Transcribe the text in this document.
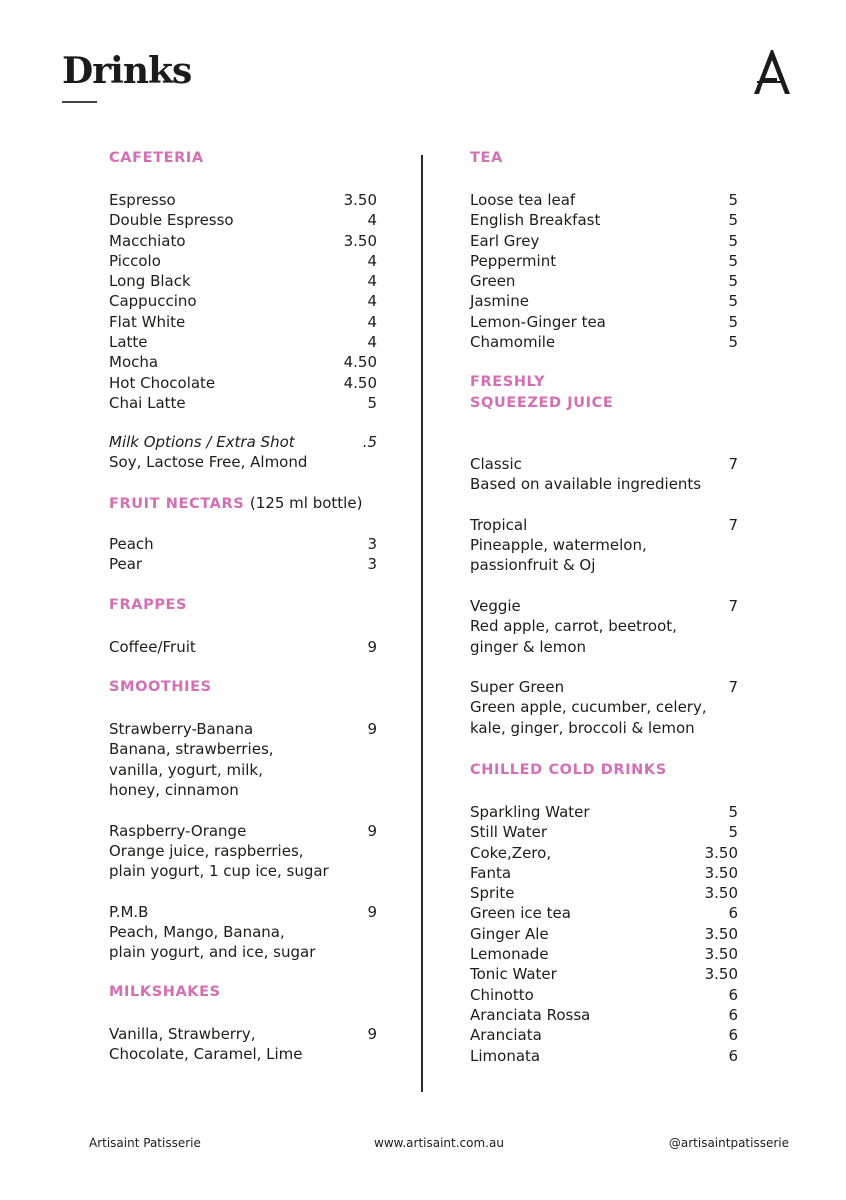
Drinks
CAFETERIA
Espresso	3.50
Double Espresso	4
Macchiato	3.50
Piccolo	4
Long Black	4
Cappuccino	4
Flat White	4
Latte	4
Mocha	4.50
Hot Chocolate	4.50
Chai Latte	5
Milk Options / Extra Shot	.5
Soy, Lactose Free, Almond
FRUIT NECTARS (125 ml bottle)
Peach	3
Pear	3
FRAPPES
Coffee/Fruit	9
SMOOTHIES
Strawberry-Banana	9
Banana, strawberries,
vanilla, yogurt, milk,
honey, cinnamon
Raspberry-Orange	9
Orange juice, raspberries,
plain yogurt, 1 cup ice, sugar
P.M.B	9
Peach, Mango, Banana,
plain yogurt, and ice, sugar
MILKSHAKES
Vanilla, Strawberry,	9
Chocolate, Caramel, Lime
TEA
Loose tea leaf	5
English Breakfast	5
Earl Grey	5
Peppermint	5
Green	5
Jasmine	5
Lemon-Ginger tea	5
Chamomile	5
FRESHLY
SQUEEZED JUICE
Classic	7
Based on available ingredients
Tropical	7
Pineapple, watermelon,
passionfruit & Oj
Veggie	7
Red apple, carrot, beetroot,
ginger & lemon
Super Green	7
Green apple, cucumber, celery,
kale, ginger, broccoli & lemon
CHILLED COLD DRINKS
Sparkling Water	5
Still Water	5
Coke,Zero,	3.50
Fanta	3.50
Sprite	3.50
Green ice tea	6
Ginger Ale	3.50
Lemonade	3.50
Tonic Water	3.50
Chinotto	6
Aranciata Rossa	6
Aranciata	6
Limonata	6
Artisaint Patisserie	www.artisaint.com.au	@artisaintpatisserie
